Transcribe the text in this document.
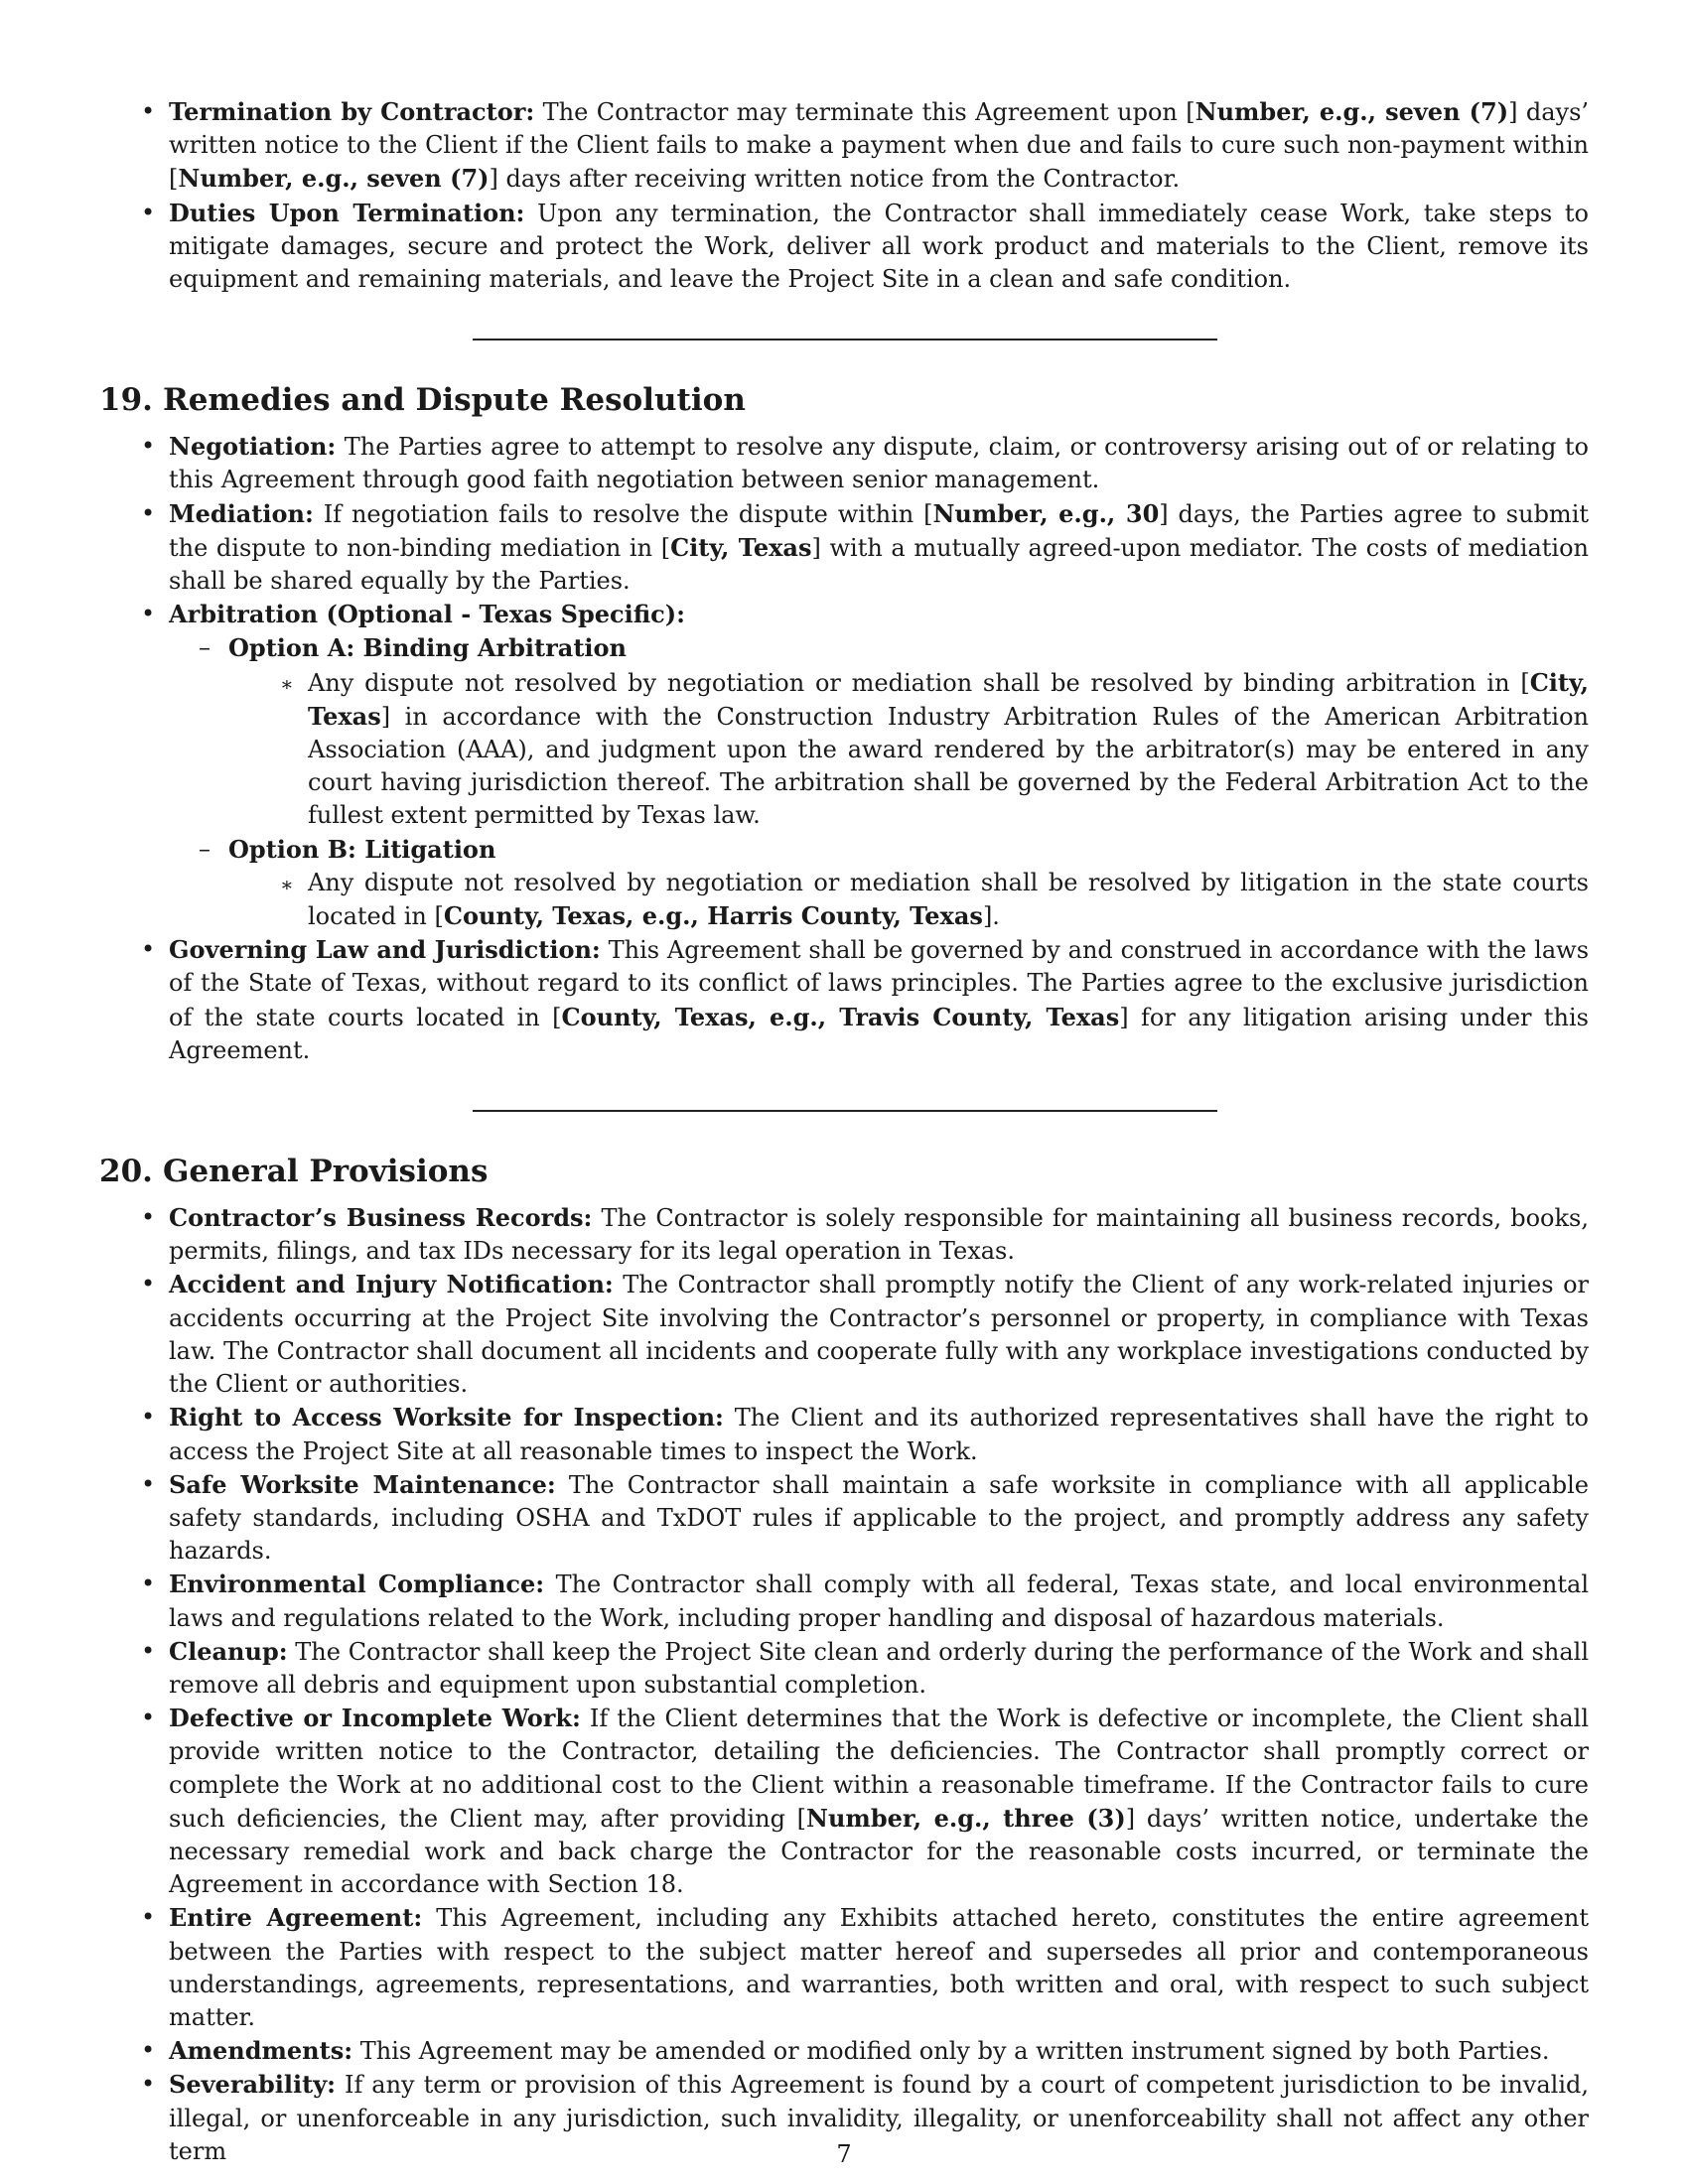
• Termination by Contractor: The Contractor may terminate this Agreement upon [Number, e.g., seven (7)] days’ written notice to the Client if the Client fails to make a payment when due and fails to cure such non-payment within [Number, e.g., seven (7)] days after receiving written notice from the Contractor.
• Duties Upon Termination: Upon any termination, the Contractor shall immediately cease Work, take steps to mitigate damages, secure and protect the Work, deliver all work product and materials to the Client, remove its equipment and remaining materials, and leave the Project Site in a clean and safe condition.
19. Remedies and Dispute Resolution
• Negotiation: The Parties agree to attempt to resolve any dispute, claim, or controversy arising out of or relating to this Agreement through good faith negotiation between senior management.
• Mediation: If negotiation fails to resolve the dispute within [Number, e.g., 30] days, the Parties agree to submit the dispute to non-binding mediation in [City, Texas] with a mutually agreed-upon mediator. The costs of mediation shall be shared equally by the Parties.
• Arbitration (Optional - Texas Specific):
– Option A: Binding Arbitration
∗ Any dispute not resolved by negotiation or mediation shall be resolved by binding arbitration in [City, Texas] in accordance with the Construction Industry Arbitration Rules of the American Arbitration Association (AAA), and judgment upon the award rendered by the arbitrator(s) may be entered in any court having jurisdiction thereof. The arbitration shall be governed by the Federal Arbitration Act to the fullest extent permitted by Texas law.
– Option B: Litigation
∗ Any dispute not resolved by negotiation or mediation shall be resolved by litigation in the state courts located in [County, Texas, e.g., Harris County, Texas].
• Governing Law and Jurisdiction: This Agreement shall be governed by and construed in accordance with the laws of the State of Texas, without regard to its conflict of laws principles. The Parties agree to the exclusive jurisdiction of the state courts located in [County, Texas, e.g., Travis County, Texas] for any litigation arising under this Agreement.
20. General Provisions
• Contractor’s Business Records: The Contractor is solely responsible for maintaining all business records, books, permits, filings, and tax IDs necessary for its legal operation in Texas.
• Accident and Injury Notification: The Contractor shall promptly notify the Client of any work-related injuries or accidents occurring at the Project Site involving the Contractor’s personnel or property, in compliance with Texas law. The Contractor shall document all incidents and cooperate fully with any workplace investigations conducted by the Client or authorities.
• Right to Access Worksite for Inspection: The Client and its authorized representatives shall have the right to access the Project Site at all reasonable times to inspect the Work.
• Safe Worksite Maintenance: The Contractor shall maintain a safe worksite in compliance with all applicable safety standards, including OSHA and TxDOT rules if applicable to the project, and promptly address any safety hazards.
• Environmental Compliance: The Contractor shall comply with all federal, Texas state, and local environmental laws and regulations related to the Work, including proper handling and disposal of hazardous materials.
• Cleanup: The Contractor shall keep the Project Site clean and orderly during the performance of the Work and shall remove all debris and equipment upon substantial completion.
• Defective or Incomplete Work: If the Client determines that the Work is defective or incomplete, the Client shall provide written notice to the Contractor, detailing the deficiencies. The Contractor shall promptly correct or complete the Work at no additional cost to the Client within a reasonable timeframe. If the Contractor fails to cure such deficiencies, the Client may, after providing [Number, e.g., three (3)] days’ written notice, undertake the necessary remedial work and back charge the Contractor for the reasonable costs incurred, or terminate the Agreement in accordance with Section 18.
• Entire Agreement: This Agreement, including any Exhibits attached hereto, constitutes the entire agreement between the Parties with respect to the subject matter hereof and supersedes all prior and contemporaneous understandings, agreements, representations, and warranties, both written and oral, with respect to such subject matter.
• Amendments: This Agreement may be amended or modified only by a written instrument signed by both Parties.
• Severability: If any term or provision of this Agreement is found by a court of competent jurisdiction to be invalid, illegal, or unenforceable in any jurisdiction, such invalidity, illegality, or unenforceability shall not affect any other term	7
